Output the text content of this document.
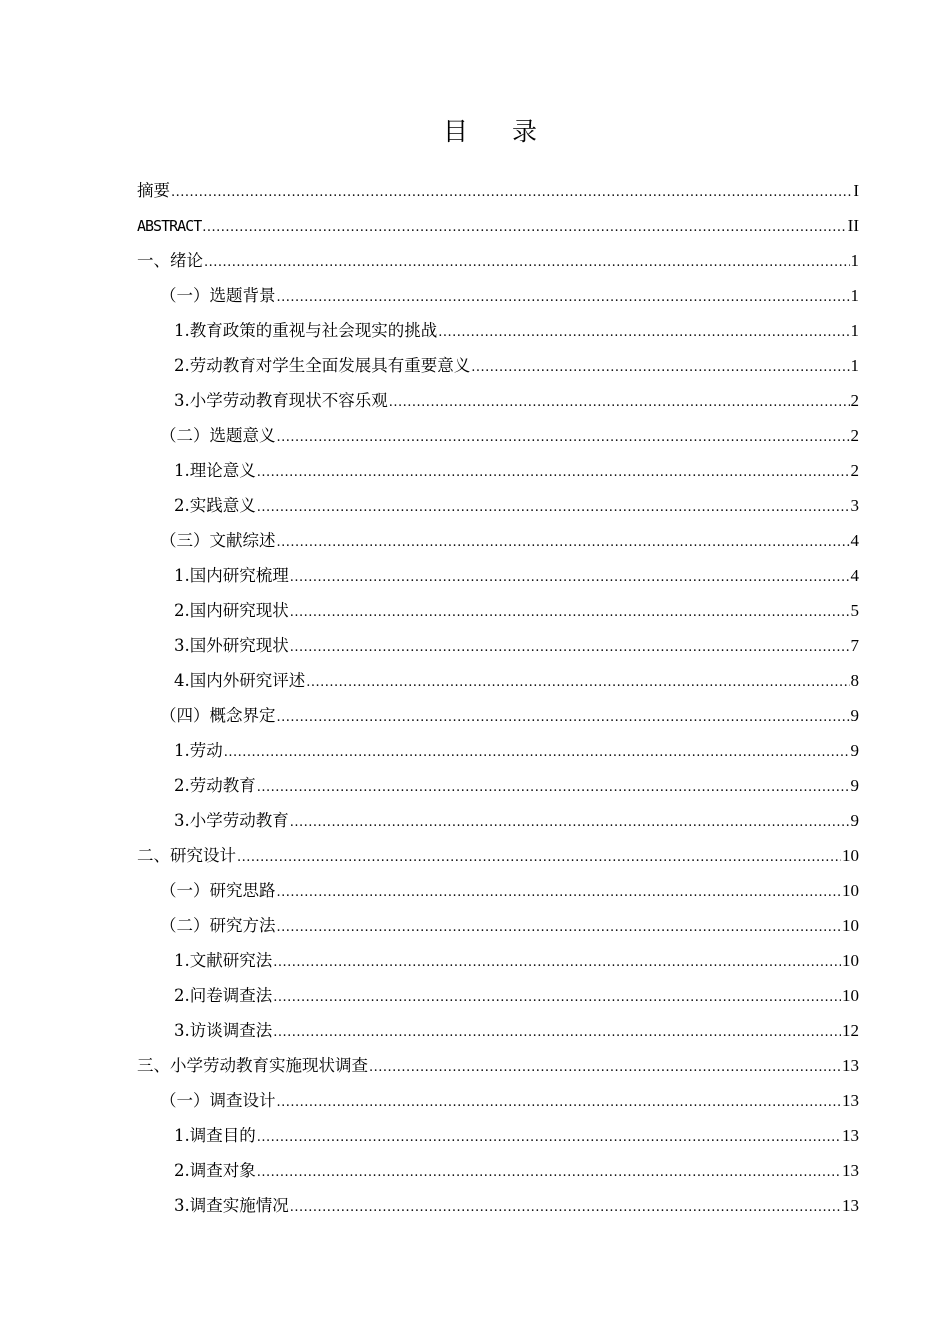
目 录
摘要 .....	I
ABSTRACT .....	II
一、绪论 .....	1
（一）选题背景 .....	1
1.教育政策的重视与社会现实的挑战 .....	1
2.劳动教育对学生全面发展具有重要意义 .....	1
3.小学劳动教育现状不容乐观 .....	2
（二）选题意义 .....	2
1.理论意义 .....	2
2.实践意义 .....	3
（三）文献综述 .....	4
1.国内研究梳理 .....	4
2.国内研究现状 .....	5
3.国外研究现状 .....	7
4.国内外研究评述 .....	8
（四）概念界定 .....	9
1.劳动 .....	9
2.劳动教育 .....	9
3.小学劳动教育 .....	9
二、研究设计 .....	10
（一）研究思路 .....	10
（二）研究方法 .....	10
1.文献研究法 .....	10
2.问卷调查法 .....	10
3.访谈调查法 .....	12
三、小学劳动教育实施现状调查 .....	13
（一）调查设计 .....	13
1.调查目的 .....	13
2.调查对象 .....	13
3.调查实施情况 .....	13
